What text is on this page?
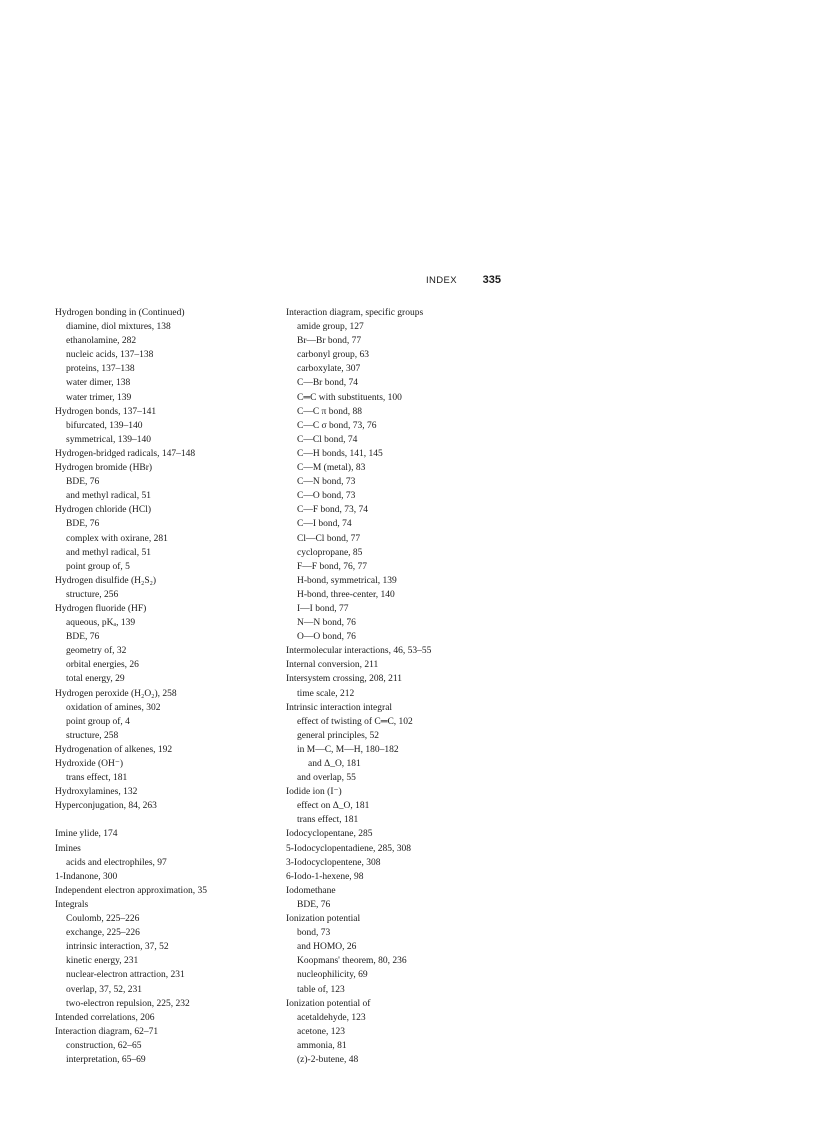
INDEX 335
Hydrogen bonding in (Continued)
diamine, diol mixtures, 138
ethanolamine, 282
nucleic acids, 137–138
proteins, 137–138
water dimer, 138
water trimer, 139
Hydrogen bonds, 137–141
bifurcated, 139–140
symmetrical, 139–140
Hydrogen-bridged radicals, 147–148
Hydrogen bromide (HBr)
BDE, 76
and methyl radical, 51
Hydrogen chloride (HCl)
BDE, 76
complex with oxirane, 281
and methyl radical, 51
point group of, 5
Hydrogen disulfide (H₂S₂)
structure, 256
Hydrogen fluoride (HF)
aqueous, pKₐ, 139
BDE, 76
geometry of, 32
orbital energies, 26
total energy, 29
Hydrogen peroxide (H₂O₂), 258
oxidation of amines, 302
point group of, 4
structure, 258
Hydrogenation of alkenes, 192
Hydroxide (OH⁻)
trans effect, 181
Hydroxylamines, 132
Hyperconjugation, 84, 263
Imine ylide, 174
Imines
acids and electrophiles, 97
1-Indanone, 300
Independent electron approximation, 35
Integrals
Coulomb, 225–226
exchange, 225–226
intrinsic interaction, 37, 52
kinetic energy, 231
nuclear-electron attraction, 231
overlap, 37, 52, 231
two-electron repulsion, 225, 232
Intended correlations, 206
Interaction diagram, 62–71
construction, 62–65
interpretation, 65–69
Interaction diagram, specific groups
amide group, 127
Br—Br bond, 77
carbonyl group, 63
carboxylate, 307
C—Br bond, 74
C═C with substituents, 100
C—C π bond, 88
C—C σ bond, 73, 76
C—Cl bond, 74
C—H bonds, 141, 145
C—M (metal), 83
C—N bond, 73
C—O bond, 73
C—F bond, 73, 74
C—I bond, 74
Cl—Cl bond, 77
cyclopropane, 85
F—F bond, 76, 77
H-bond, symmetrical, 139
H-bond, three-center, 140
I—I bond, 77
N—N bond, 76
O—O bond, 76
Intermolecular interactions, 46, 53–55
Internal conversion, 211
Intersystem crossing, 208, 211
time scale, 212
Intrinsic interaction integral
effect of twisting of C═C, 102
general principles, 52
in M—C, M—H, 180–182
and Δ_O, 181
and overlap, 55
Iodide ion (I⁻)
effect on Δ_O, 181
trans effect, 181
Iodocyclopentane, 285
5-Iodocyclopentadiene, 285, 308
3-Iodocyclopentene, 308
6-Iodo-1-hexene, 98
Iodomethane
BDE, 76
Ionization potential
bond, 73
and HOMO, 26
Koopmans' theorem, 80, 236
nucleophilicity, 69
table of, 123
Ionization potential of
acetaldehyde, 123
acetone, 123
ammonia, 81
(z)-2-butene, 48
